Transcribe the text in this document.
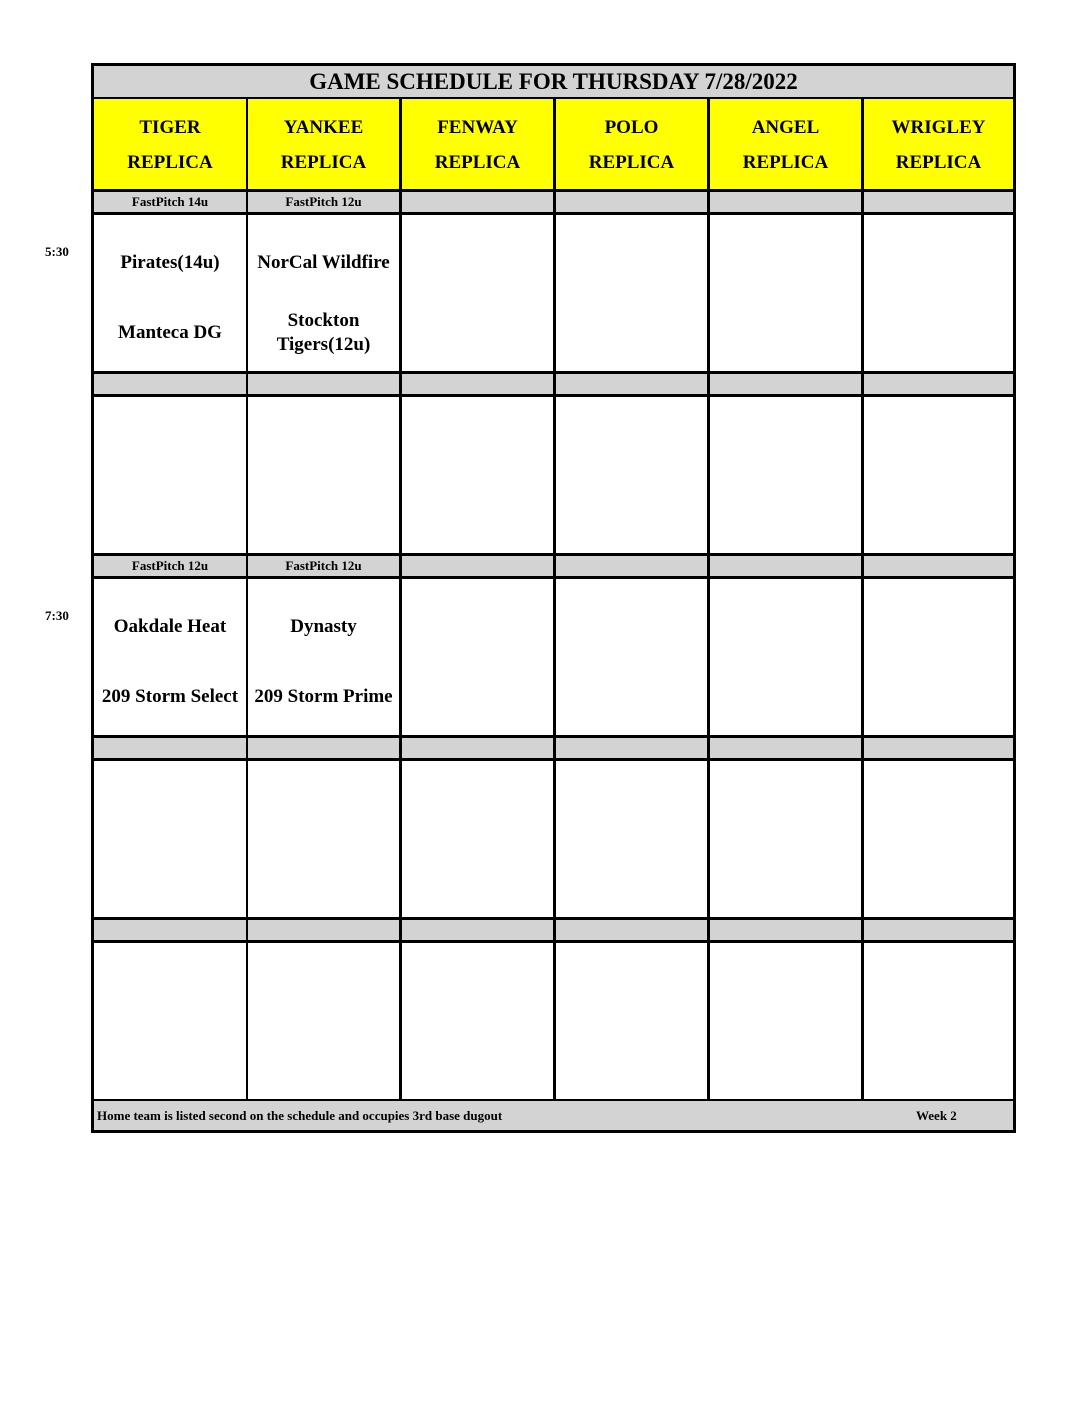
5:30
7:30
GAME SCHEDULE FOR THURSDAY 7/28/2022
TIGER
REPLICA
YANKEE
REPLICA
FENWAY
REPLICA
POLO
REPLICA
ANGEL
REPLICA
WRIGLEY
REPLICA
FastPitch 14u
Pirates(14u)
Manteca DG
FastPitch 12u
NorCal Wildfire
Stockton Tigers(12u)
FastPitch 12u
Oakdale Heat
209 Storm Select
FastPitch 12u
Dynasty
209 Storm Prime
Home team is listed second on the schedule and occupies 3rd base dugout	Week 2
